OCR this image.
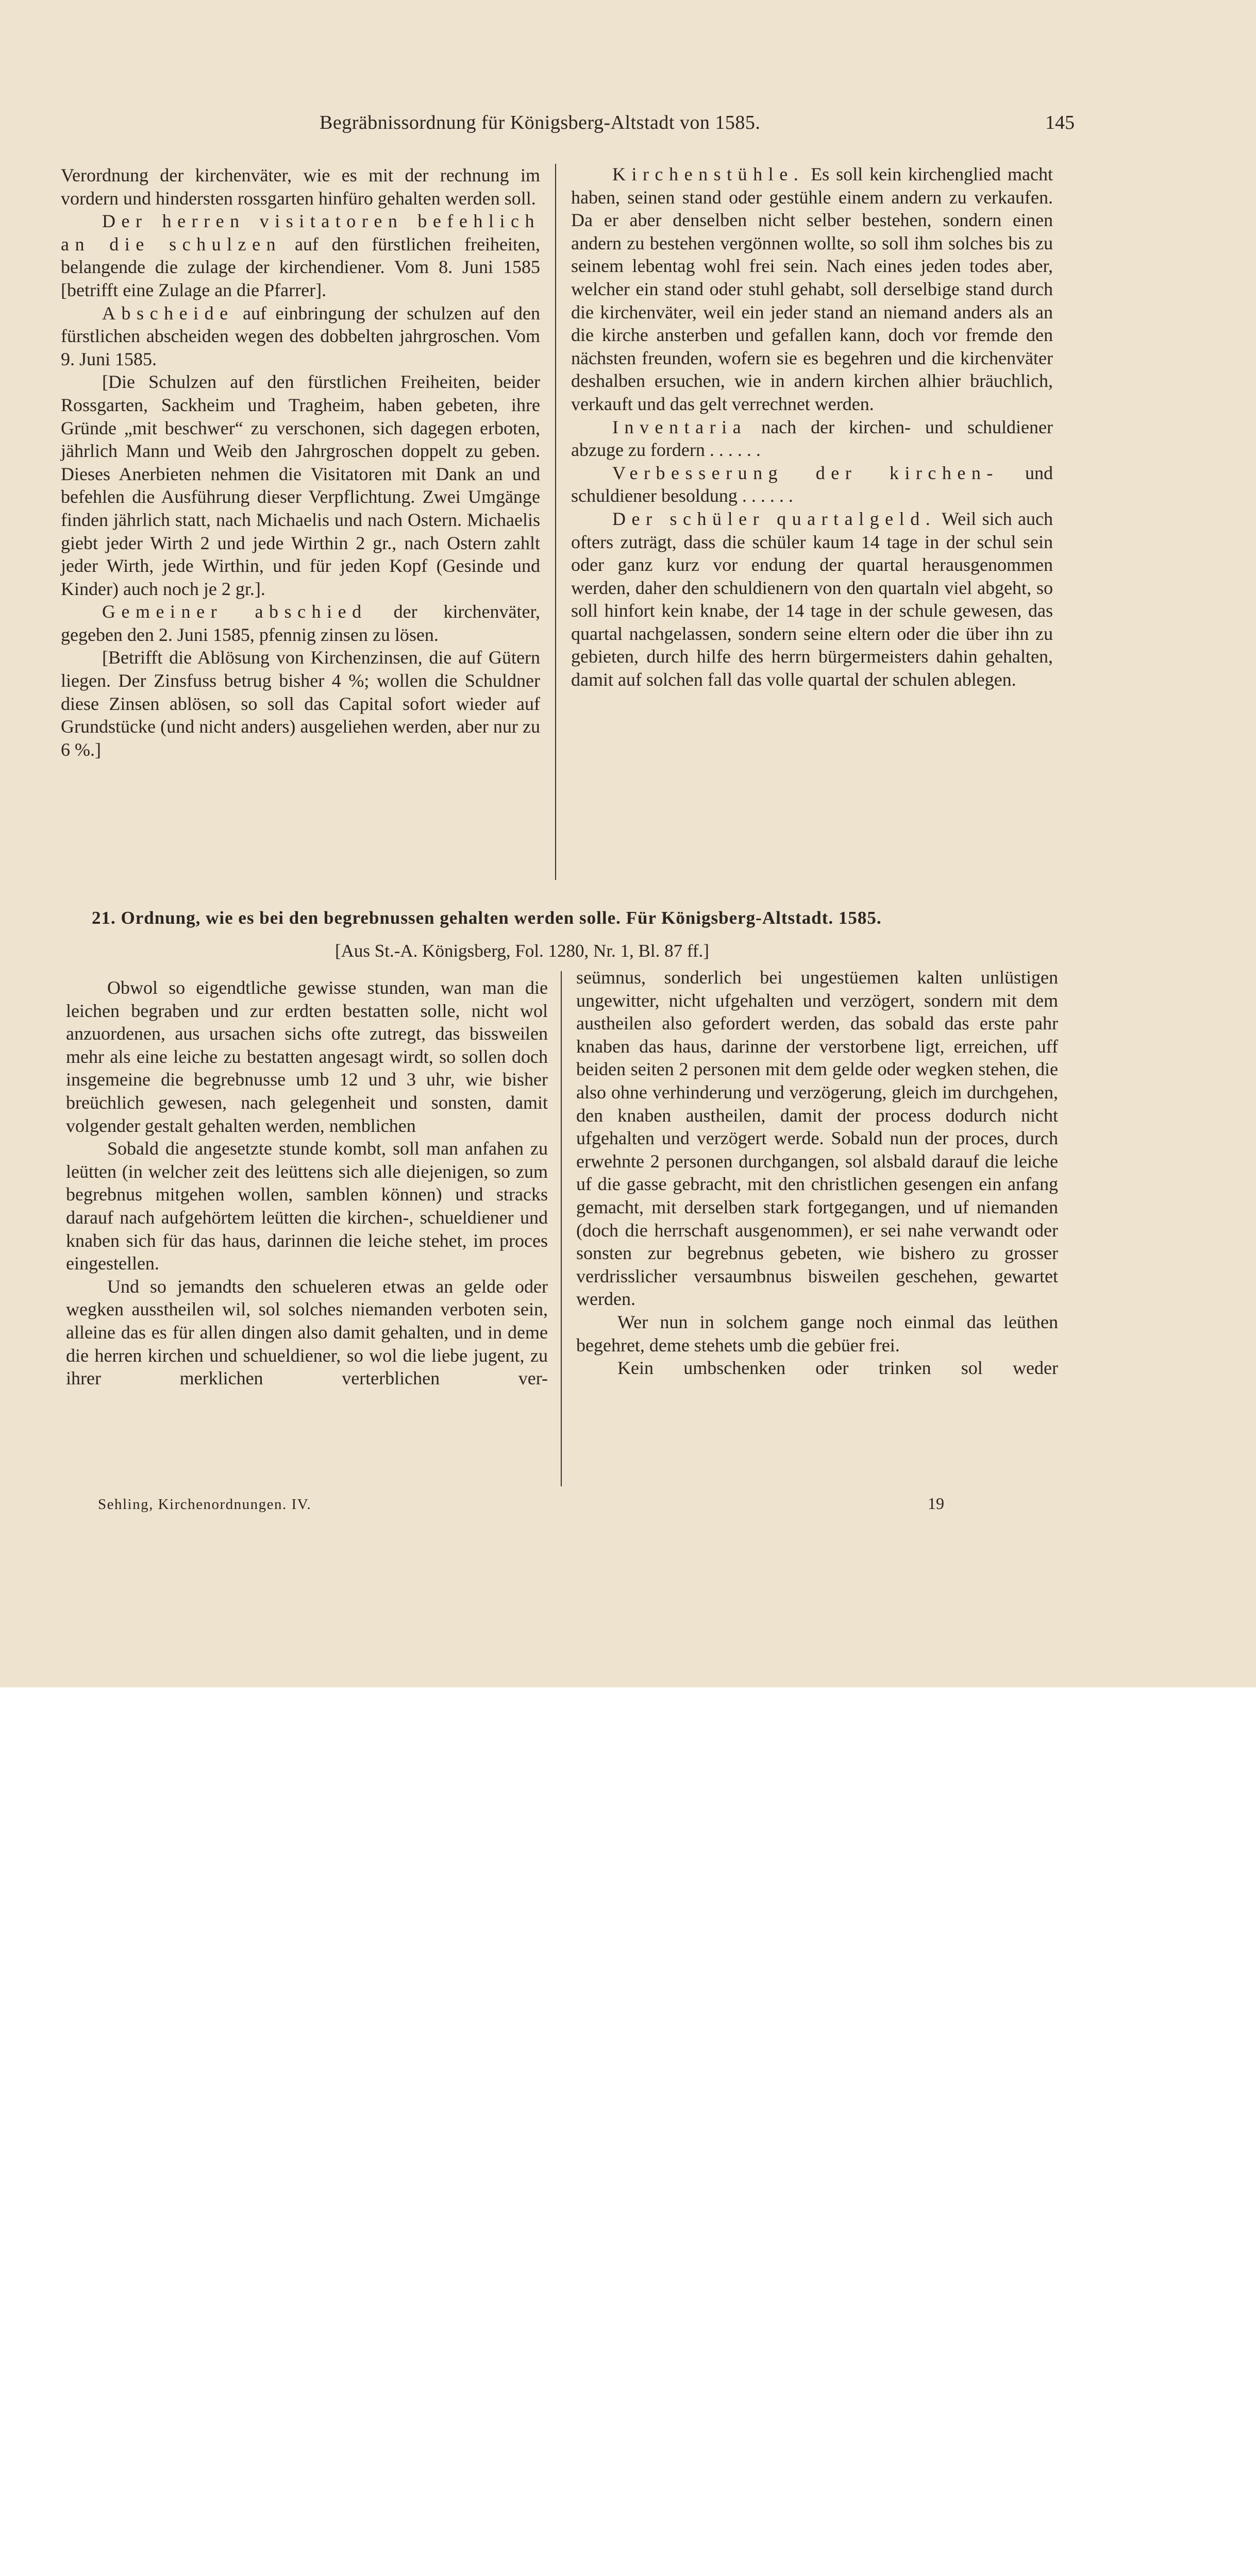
Begräbnissordnung für Königsberg-Altstadt von 1585.	145

Verordnung der kirchenväter, wie es mit der rechnung im vordern und hindersten rossgarten hinfüro gehalten werden soll.

Der herren visitatoren befehlich an die schulzen auf den fürstlichen freiheiten, belangende die zulage der kirchendiener. Vom 8. Juni 1585 [betrifft eine Zulage an die Pfarrer].

Abscheide auf einbringung der schulzen auf den fürstlichen abscheiden wegen des dobbelten jahrgroschen. Vom 9. Juni 1585.

[Die Schulzen auf den fürstlichen Freiheiten, beider Rossgarten, Sackheim und Tragheim, haben gebeten, ihre Gründe „mit beschwer“ zu verschonen, sich dagegen erboten, jährlich Mann und Weib den Jahrgroschen doppelt zu geben. Dieses Anerbieten nehmen die Visitatoren mit Dank an und befehlen die Ausführung dieser Verpflichtung. Zwei Umgänge finden jährlich statt, nach Michaelis und nach Ostern. Michaelis giebt jeder Wirth 2 und jede Wirthin 2 gr., nach Ostern zahlt jeder Wirth, jede Wirthin, und für jeden Kopf (Gesinde und Kinder) auch noch je 2 gr.].

Gemeiner abschied der kirchenväter, gegeben den 2. Juni 1585, pfennig zinsen zu lösen.

[Betrifft die Ablösung von Kirchenzinsen, die auf Gütern liegen. Der Zinsfuss betrug bisher 4 %; wollen die Schuldner diese Zinsen ablösen, so soll das Capital sofort wieder auf Grundstücke (und nicht anders) ausgeliehen werden, aber nur zu 6 %.]

Kirchenstühle. Es soll kein kirchenglied macht haben, seinen stand oder gestühle einem andern zu verkaufen. Da er aber denselben nicht selber bestehen, sondern einen andern zu bestehen vergönnen wollte, so soll ihm solches bis zu seinem lebentag wohl frei sein. Nach eines jeden todes aber, welcher ein stand oder stuhl gehabt, soll derselbige stand durch die kirchenväter, weil ein jeder stand an niemand anders als an die kirche ansterben und gefallen kann, doch vor fremde den nächsten freunden, wofern sie es begehren und die kirchenväter deshalben ersuchen, wie in andern kirchen alhier bräuchlich, verkauft und das gelt verrechnet werden.

Inventaria nach der kirchen- und schuldiener abzuge zu fordern . . . . . .

Verbesserung der kirchen- und schuldiener besoldung . . . . . .

Der schüler quartalgeld. Weil sich auch ofters zuträgt, dass die schüler kaum 14 tage in der schul sein oder ganz kurz vor endung der quartal herausgenommen werden, daher den schuldienern von den quartaln viel abgeht, so soll hinfort kein knabe, der 14 tage in der schule gewesen, das quartal nachgelassen, sondern seine eltern oder die über ihn zu gebieten, durch hilfe des herrn bürgermeisters dahin gehalten, damit auf solchen fall das volle quartal der schulen ablegen.

21. Ordnung, wie es bei den begrebnussen gehalten werden solle. Für Königsberg-Altstadt. 1585.
[Aus St.-A. Königsberg, Fol. 1280, Nr. 1, Bl. 87 ff.]

Obwol so eigendtliche gewisse stunden, wan man die leichen begraben und zur erdten bestatten solle, nicht wol anzuordenen, aus ursachen sichs ofte zutregt, das bissweilen mehr als eine leiche zu bestatten angesagt wirdt, so sollen doch insgemeine die begrebnusse umb 12 und 3 uhr, wie bisher breüchlich gewesen, nach gelegenheit und sonsten, damit volgender gestalt gehalten werden, nemblichen

Sobald die angesetzte stunde kombt, soll man anfahen zu leütten (in welcher zeit des leüttens sich alle diejenigen, so zum begrebnus mitgehen wollen, samblen können) und stracks darauf nach aufgehörtem leütten die kirchen-, schueldiener und knaben sich für das haus, darinnen die leiche stehet, im proces eingestellen.

Und so jemandts den schueleren etwas an gelde oder wegken ausstheilen wil, sol solches niemanden verboten sein, alleine das es für allen dingen also damit gehalten, und in deme die herren kirchen und schueldiener, so wol die liebe jugent, zu ihrer merklichen verterblichen ver-

seümnus, sonderlich bei ungestüemen kalten unlüstigen ungewitter, nicht ufgehalten und verzögert, sondern mit dem austheilen also gefordert werden, das sobald das erste pahr knaben das haus, darinne der verstorbene ligt, erreichen, uff beiden seiten 2 personen mit dem gelde oder wegken stehen, die also ohne verhinderung und verzögerung, gleich im durchgehen, den knaben austheilen, damit der process dodurch nicht ufgehalten und verzögert werde. Sobald nun der proces, durch erwehnte 2 personen durchgangen, sol alsbald darauf die leiche uf die gasse gebracht, mit den christlichen gesengen ein anfang gemacht, mit derselben stark fortgegangen, und uf niemanden (doch die herrschaft ausgenommen), er sei nahe verwandt oder sonsten zur begrebnus gebeten, wie bishero zu grosser verdrisslicher versaumbnus bisweilen geschehen, gewartet werden.

Wer nun in solchem gange noch einmal das leüthen begehret, deme stehets umb die gebüer frei.

Kein umbschenken oder trinken sol weder

Sehling, Kirchenordnungen. IV.	19
